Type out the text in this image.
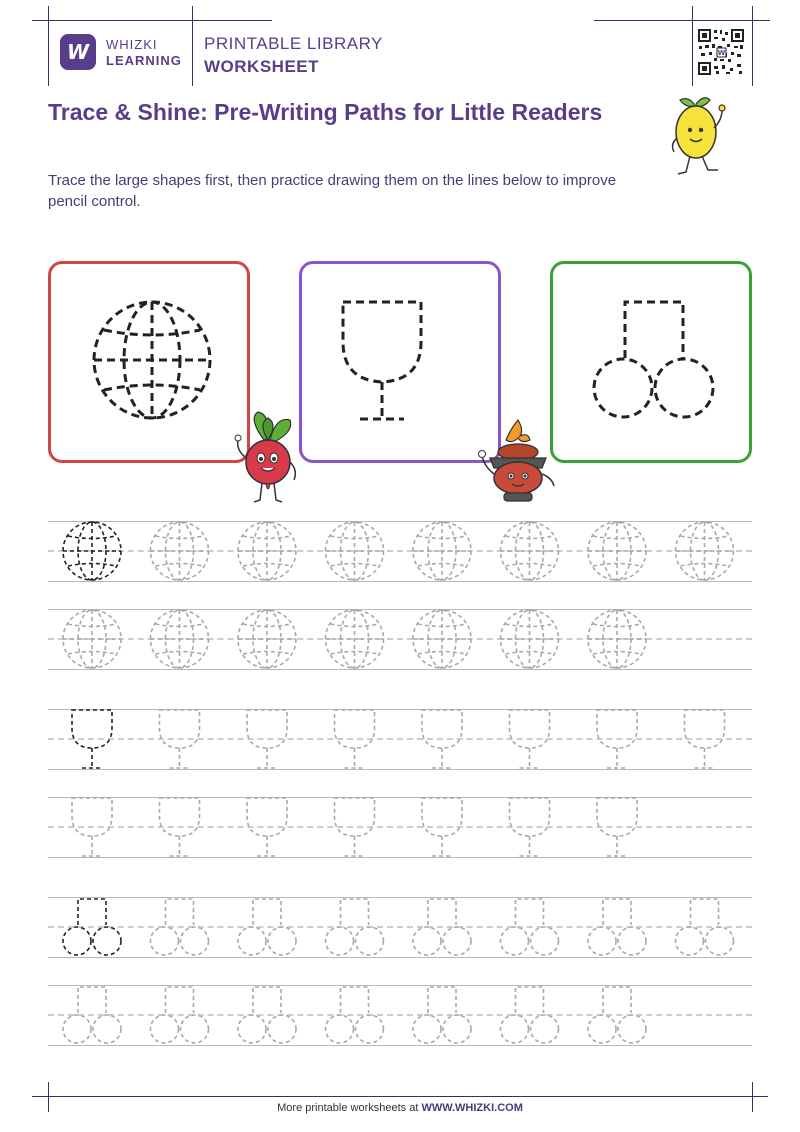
W WHIZKI
LEARNING
PRINTABLE LIBRARY
WORKSHEET
W
Trace & Shine: Pre-Writing Paths for Little Readers
Trace the large shapes first, then practice drawing them on the lines below to improve pencil control.
More printable worksheets at WWW.WHIZKI.COM
